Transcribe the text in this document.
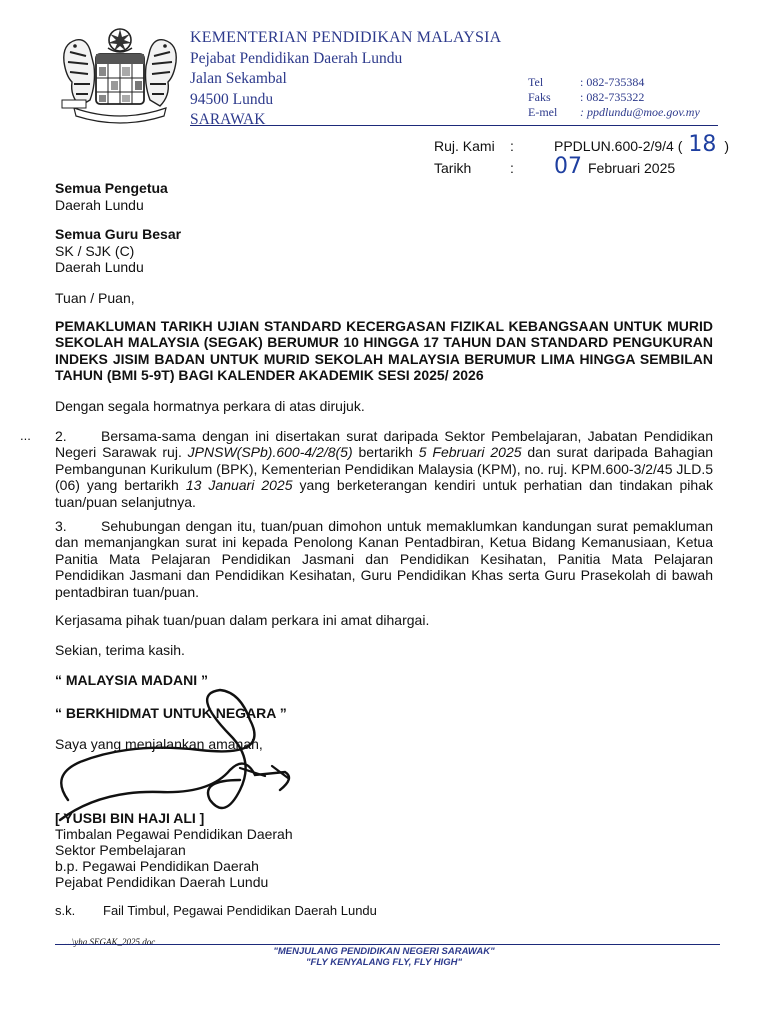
KEMENTERIAN PENDIDIKAN MALAYSIA
Pejabat Pendidikan Daerah Lundu
Jalan Sekambal
94500 Lundu
SARAWAK
Tel	: 082-735384
Faks : 082-735322
E-mel : ppdlundu@moe.gov.my
Ruj. Kami :	PPDLUN.600-2/9/4 ( 18 )
Tarikh	: 07 Februari 2025
Semua Pengetua
Daerah Lundu
Semua Guru Besar
SK / SJK (C)
Daerah Lundu
Tuan / Puan,
PEMAKLUMAN TARIKH UJIAN STANDARD KECERGASAN FIZIKAL KEBANGSAAN UNTUK MURID SEKOLAH MALAYSIA (SEGAK) BERUMUR 10 HINGGA 17 TAHUN DAN STANDARD PENGUKURAN INDEKS JISIM BADAN UNTUK MURID SEKOLAH MALAYSIA BERUMUR LIMA HINGGA SEMBILAN TAHUN (BMI 5-9T) BAGI KALENDER AKADEMIK SESI 2025/ 2026
Dengan segala hormatnya perkara di atas dirujuk.
... 2. Bersama-sama dengan ini disertakan surat daripada Sektor Pembelajaran, Jabatan Pendidikan Negeri Sarawak ruj. JPNSW(SPb).600-4/2/8(5) bertarikh 5 Februari 2025 dan surat daripada Bahagian Pembangunan Kurikulum (BPK), Kementerian Pendidikan Malaysia (KPM), no. ruj. KPM.600-3/2/45 JLD.5 (06) yang bertarikh 13 Januari 2025 yang berketerangan kendiri untuk perhatian dan tindakan pihak tuan/puan selanjutnya.
3. Sehubungan dengan itu, tuan/puan dimohon untuk memaklumkan kandungan surat pemakluman dan memanjangkan surat ini kepada Penolong Kanan Pentadbiran, Ketua Bidang Kemanusiaan, Ketua Panitia Mata Pelajaran Pendidikan Jasmani dan Pendidikan Kesihatan, Panitia Mata Pelajaran Pendidikan Jasmani dan Pendidikan Kesihatan, Guru Pendidikan Khas serta Guru Prasekolah di bawah pentadbiran tuan/puan.
Kerjasama pihak tuan/puan dalam perkara ini amat dihargai.
Sekian, terima kasih.
“ MALAYSIA MADANI ”
“ BERKHIDMAT UNTUK NEGARA ”
Saya yang menjalankan amanah,
[ YUSBI BIN HAJI ALI ]
Timbalan Pegawai Pendidikan Daerah
Sektor Pembelajaran
b.p. Pegawai Pendidikan Daerah
Pejabat Pendidikan Daerah Lundu
s.k. Fail Timbul, Pegawai Pendidikan Daerah Lundu
...\yha.SEGAK_2025.doc
"MENJULANG PENDIDIKAN NEGERI SARAWAK"
"FLY KENYALANG FLY, FLY HIGH"
